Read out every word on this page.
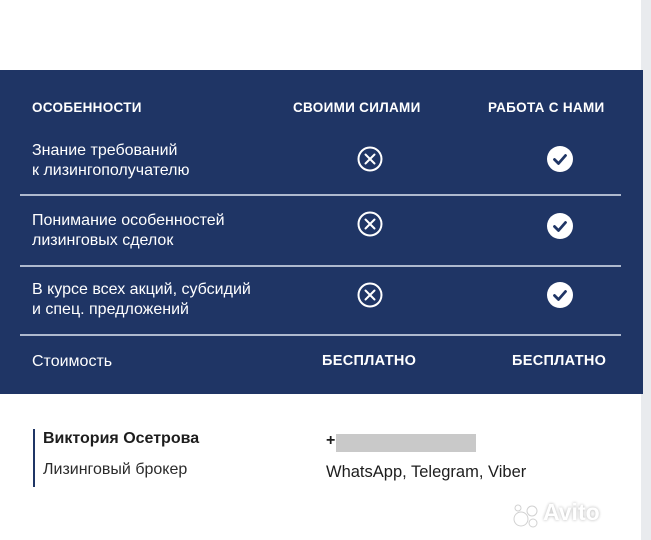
ОСОБЕННОСТИ	СВОИМИ СИЛАМИ	РАБОТА С НАМИ
Знание требований
к лизингополучателю
Понимание особенностей
лизинговых сделок
В курсе всех акций, субсидий
и спец. предложений
Стоимость	БЕСПЛАТНО	БЕСПЛАТНО
Виктория Осетрова
Лизинговый брокер
+
WhatsApp, Telegram, Viber
Avito
